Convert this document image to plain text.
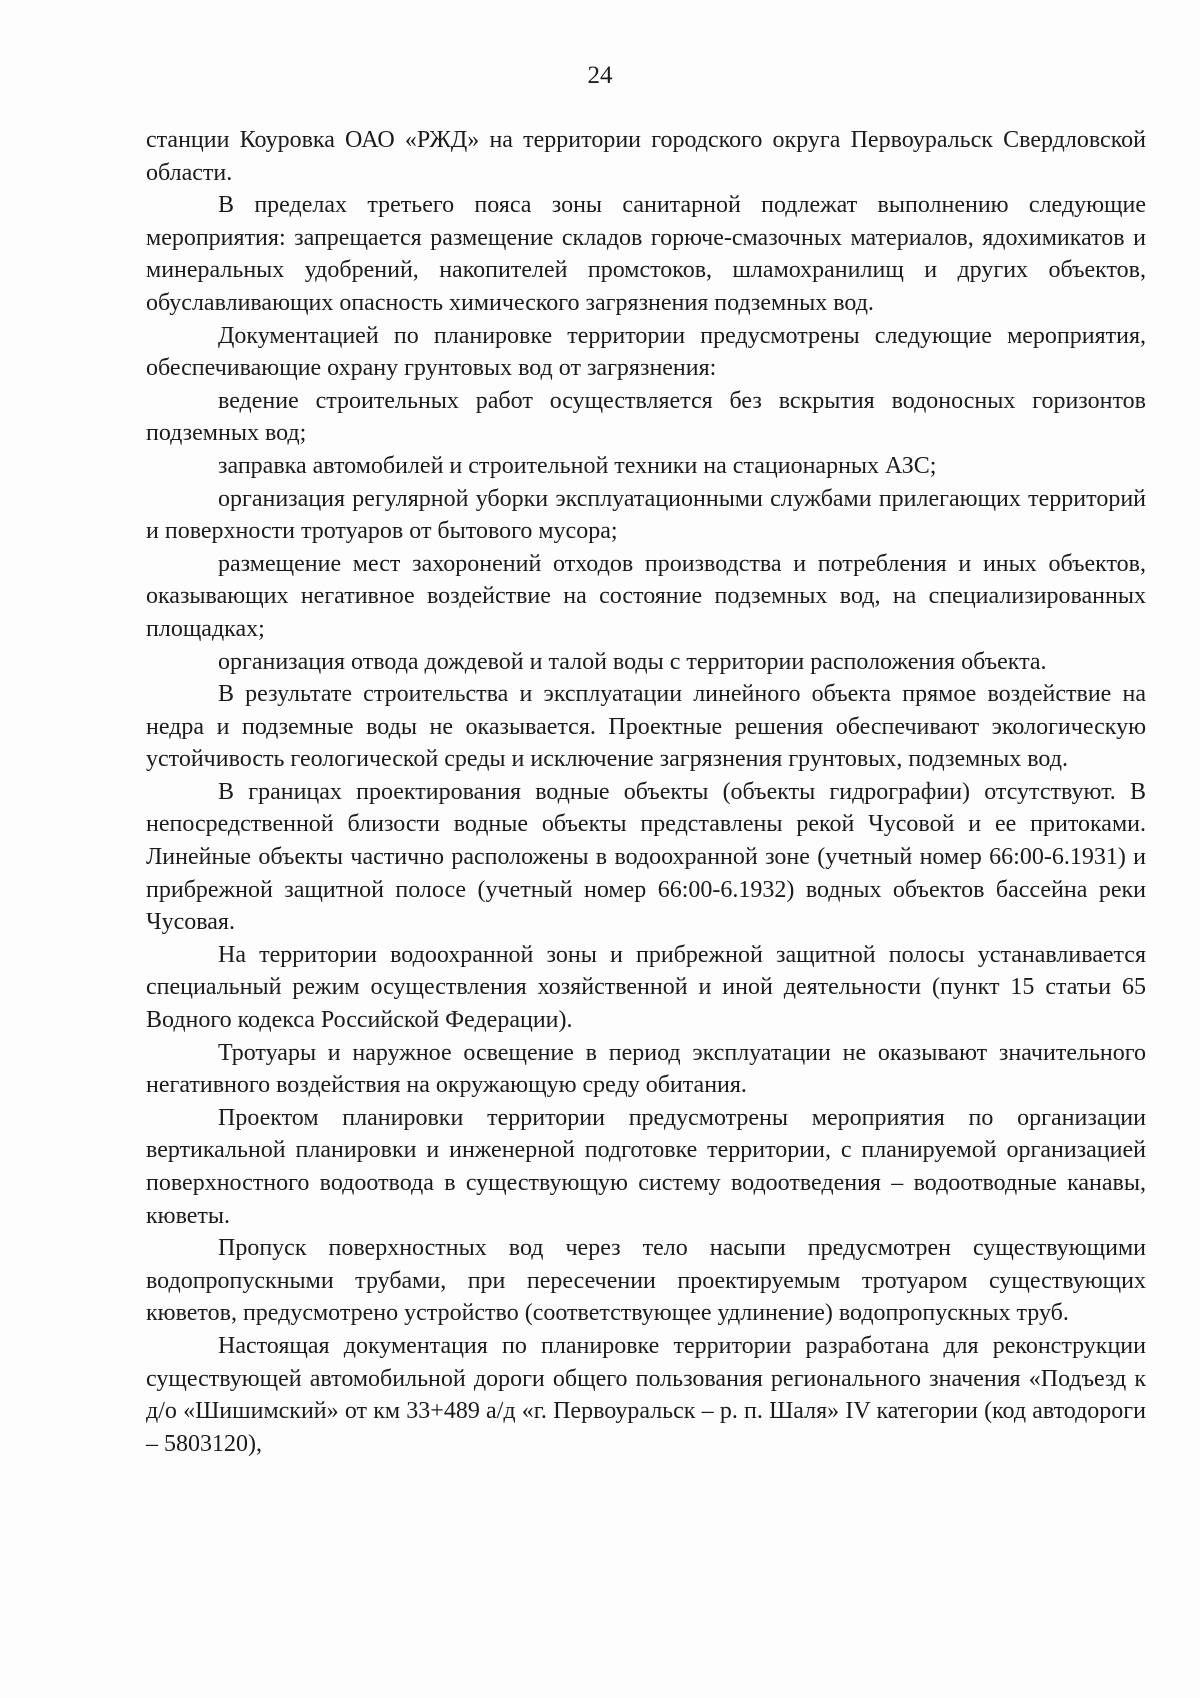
24

станции Коуровка ОАО «РЖД» на территории городского округа Первоуральск Свердловской области.

В пределах третьего пояса зоны санитарной подлежат выполнению следующие мероприятия: запрещается размещение складов горюче-смазочных материалов, ядохимикатов и минеральных удобрений, накопителей промстоков, шламохранилищ и других объектов, обуславливающих опасность химического загрязнения подземных вод.

Документацией по планировке территории предусмотрены следующие мероприятия, обеспечивающие охрану грунтовых вод от загрязнения:

ведение строительных работ осуществляется без вскрытия водоносных горизонтов подземных вод;

заправка автомобилей и строительной техники на стационарных АЗС;

организация регулярной уборки эксплуатационными службами прилегающих территорий и поверхности тротуаров от бытового мусора;

размещение мест захоронений отходов производства и потребления и иных объектов, оказывающих негативное воздействие на состояние подземных вод, на специализированных площадках;

организация отвода дождевой и талой воды с территории расположения объекта.

В результате строительства и эксплуатации линейного объекта прямое воздействие на недра и подземные воды не оказывается. Проектные решения обеспечивают экологическую устойчивость геологической среды и исключение загрязнения грунтовых, подземных вод.

В границах проектирования водные объекты (объекты гидрографии) отсутствуют. В непосредственной близости водные объекты представлены рекой Чусовой и ее притоками. Линейные объекты частично расположены в водоохранной зоне (учетный номер 66:00-6.1931) и прибрежной защитной полосе (учетный номер 66:00-6.1932) водных объектов бассейна реки Чусовая.

На территории водоохранной зоны и прибрежной защитной полосы устанавливается специальный режим осуществления хозяйственной и иной деятельности (пункт 15 статьи 65 Водного кодекса Российской Федерации).

Тротуары и наружное освещение в период эксплуатации не оказывают значительного негативного воздействия на окружающую среду обитания.

Проектом планировки территории предусмотрены мероприятия по организации вертикальной планировки и инженерной подготовке территории, с планируемой организацией поверхностного водоотвода в существующую систему водоотведения – водоотводные канавы, кюветы.

Пропуск поверхностных вод через тело насыпи предусмотрен существующими водопропускными трубами, при пересечении проектируемым тротуаром существующих кюветов, предусмотрено устройство (соответствующее удлинение) водопропускных труб.

Настоящая документация по планировке территории разработана для реконструкции существующей автомобильной дороги общего пользования регионального значения «Подъезд к д/о «Шишимский» от км 33+489 а/д «г. Первоуральск – р. п. Шаля» IV категории (код автодороги – 5803120),
